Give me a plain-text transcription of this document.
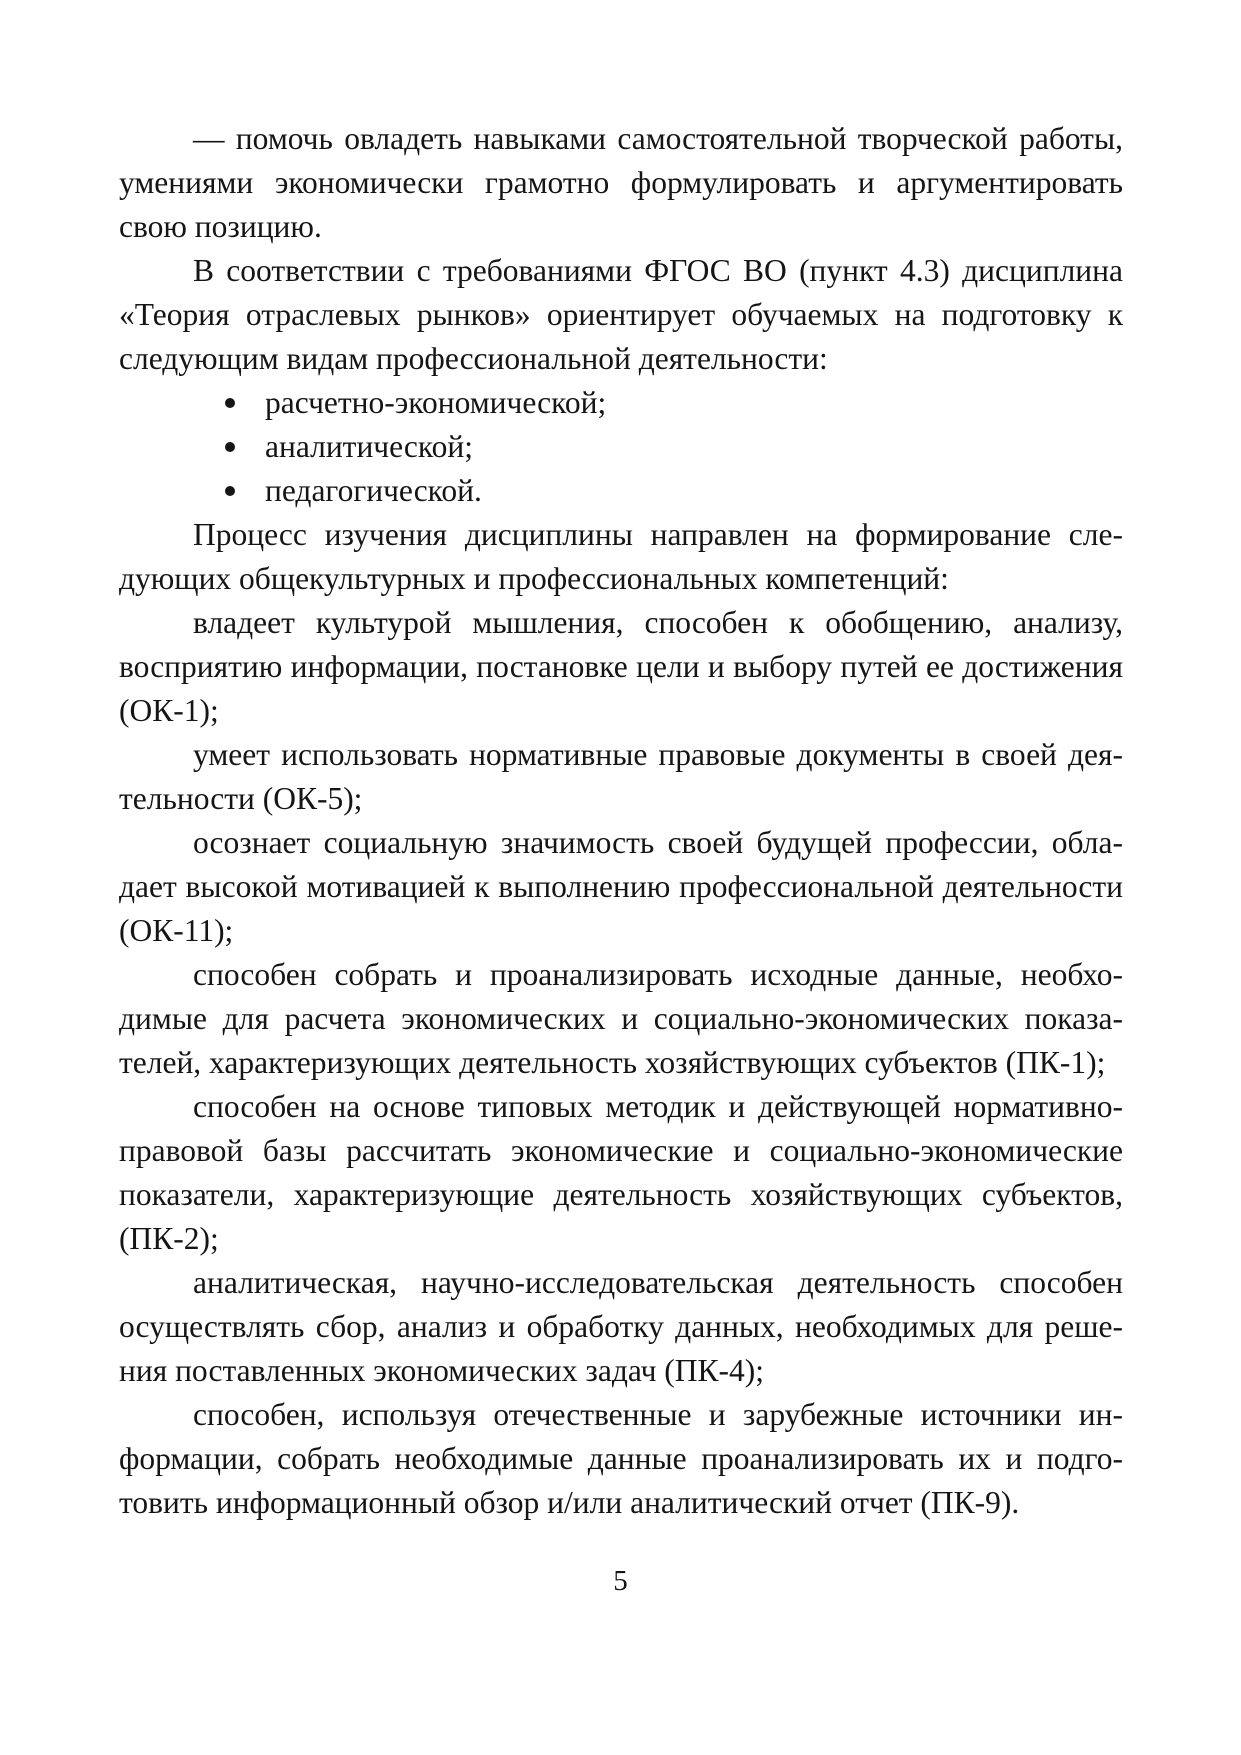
— помочь овладеть навыками самостоятельной творческой работы, умениями экономически грамотно формулировать и аргументировать свою позицию.

В соответствии с требованиями ФГОС ВО (пункт 4.3) дисциплина «Теория отраслевых рынков» ориентирует обучаемых на подготовку к следующим видам профессиональной деятельности:

расчетно-экономической;
аналитической;
педагогической.

Процесс изучения дисциплины направлен на формирование следующих общекультурных и профессиональных компетенций:

владеет культурой мышления, способен к обобщению, анализу, восприятию информации, постановке цели и выбору путей ее достижения (ОК-1);

умеет использовать нормативные правовые документы в своей деятельности (ОК-5);

осознает социальную значимость своей будущей профессии, обладает высокой мотивацией к выполнению профессиональной деятельности (ОК-11);

способен собрать и проанализировать исходные данные, необходимые для расчета экономических и социально-экономических показателей, характеризующих деятельность хозяйствующих субъектов (ПК-1);

способен на основе типовых методик и действующей нормативно-правовой базы рассчитать экономические и социально-экономические показатели, характеризующие деятельность хозяйствующих субъектов, (ПК-2);

аналитическая, научно-исследовательская деятельность способен осуществлять сбор, анализ и обработку данных, необходимых для решения поставленных экономических задач (ПК-4);

способен, используя отечественные и зарубежные источники информации, собрать необходимые данные проанализировать их и подготовить информационный обзор и/или аналитический отчет (ПК-9).

5
